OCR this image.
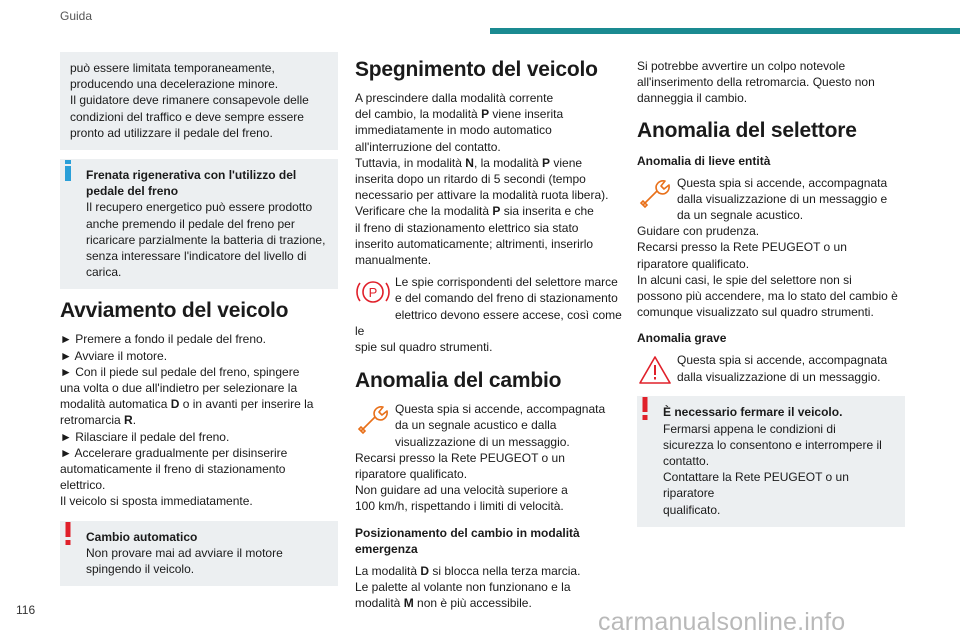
Guida

può essere limitata temporaneamente,
producendo una decelerazione minore.
Il guidatore deve rimanere consapevole delle
condizioni del traffico e deve sempre essere
pronto ad utilizzare il pedale del freno.

Frenata rigenerativa con l'utilizzo del
pedale del freno

Il recupero energetico può essere prodotto
anche premendo il pedale del freno per
ricaricare parzialmente la batteria di trazione,
senza interessare l'indicatore del livello di
carica.

Avviamento del veicolo

► Premere a fondo il pedale del freno.
► Avviare il motore.
► Con il piede sul pedale del freno, spingere
una volta o due all'indietro per selezionare la
modalità automatica D o in avanti per inserire la
retromarcia R.
► Rilasciare il pedale del freno.
► Accelerare gradualmente per disinserire
automaticamente il freno di stazionamento
elettrico.
Il veicolo si sposta immediatamente.

Cambio automatico

Non provare mai ad avviare il motore
spingendo il veicolo.

Spegnimento del veicolo

A prescindere dalla modalità corrente
del cambio, la modalità P viene inserita
immediatamente in modo automatico
all'interruzione del contatto.
Tuttavia, in modalità N, la modalità P viene
inserita dopo un ritardo di 5 secondi (tempo
necessario per attivare la modalità ruota libera).
Verificare che la modalità P sia inserita e che
il freno di stazionamento elettrico sia stato
inserito automaticamente; altrimenti, inserirlo
manualmente.

P

Le spie corrispondenti del selettore marce
e del comando del freno di stazionamento

elettrico devono essere accese, così come le
spie sul quadro strumenti.

Anomalia del cambio

Questa spia si accende, accompagnata
da un segnale acustico e dalla

visualizzazione di un messaggio.
Recarsi presso la Rete PEUGEOT o un
riparatore qualificato.
Non guidare ad una velocità superiore a
100 km/h, rispettando i limiti di velocità.

Posizionamento del cambio in modalità emergenza

La modalità D si blocca nella terza marcia.
Le palette al volante non funzionano e la
modalità M non è più accessibile.

Si potrebbe avvertire un colpo notevole
all'inserimento della retromarcia. Questo non
danneggia il cambio.

Anomalia del selettore
Anomalia di lieve entità

Questa spia si accende, accompagnata
dalla visualizzazione di un messaggio e

da un segnale acustico.
Guidare con prudenza.
Recarsi presso la Rete PEUGEOT o un
riparatore qualificato.
In alcuni casi, le spie del selettore non si
possono più accendere, ma lo stato del cambio è
comunque visualizzato sul quadro strumenti.

Anomalia grave

Questa spia si accende, accompagnata
dalla visualizzazione di un messaggio.

È necessario fermare il veicolo.

Fermarsi appena le condizioni di
sicurezza lo consentono e interrompere il
contatto.
Contattare la Rete PEUGEOT o un riparatore
qualificato.

116	carmanualsonline.info
